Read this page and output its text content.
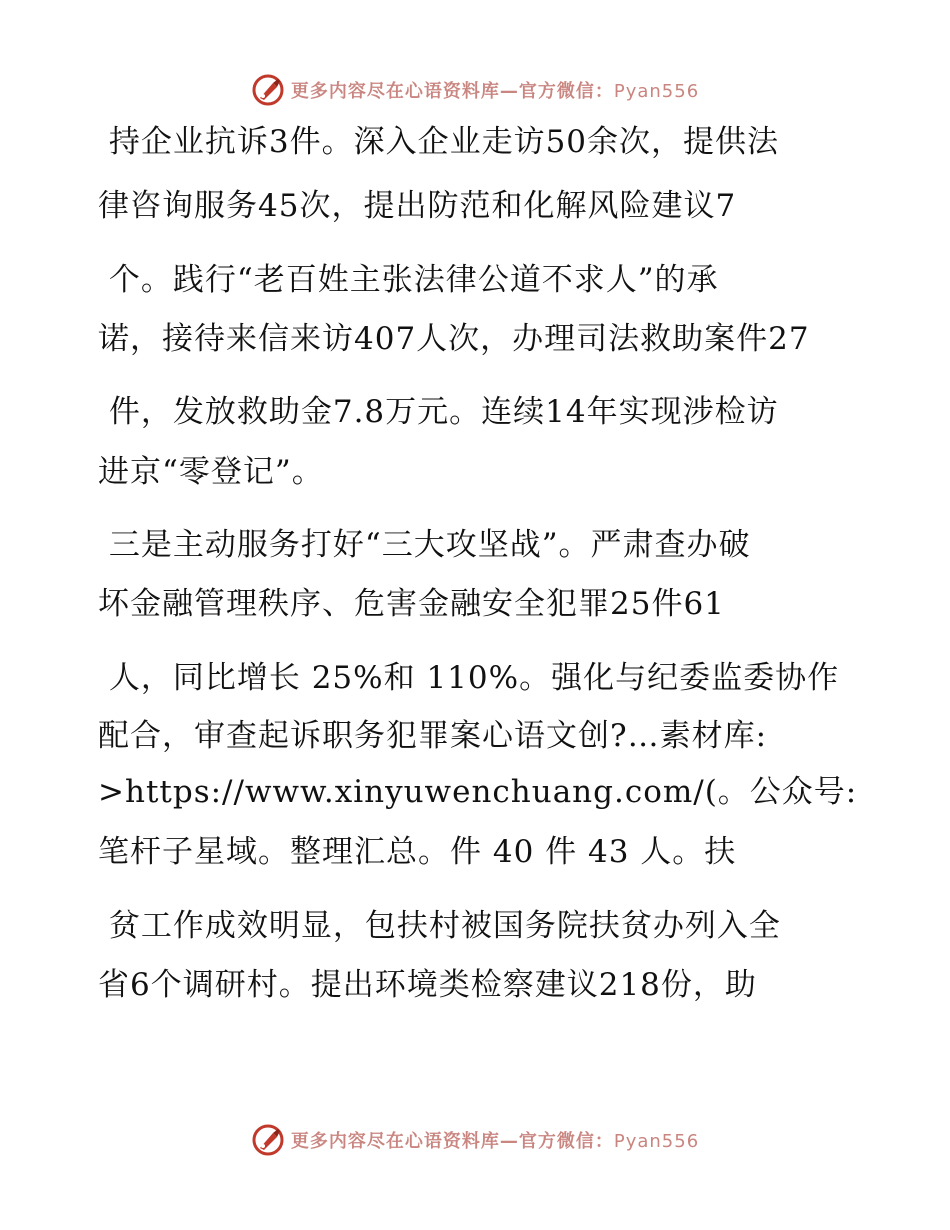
更多内容尽在心语资料库—官方微信：Pyan556
持企业抗诉3件。深入企业走访50余次，提供法
律咨询服务45次，提出防范和化解风险建议7
个。践行“老百姓主张法律公道不求人”的承
诺，接待来信来访407人次，办理司法救助案件27
件，发放救助金7.8万元。连续14年实现涉检访
进京“零登记”。
三是主动服务打好“三大攻坚战”。严肃查办破
坏金融管理秩序、危害金融安全犯罪25件61
人，同比增长 25%和 110%。强化与纪委监委协作
配合，审查起诉职务犯罪案心语文创?…素材库:
>https://www.xinyuwenchuang.com/(。公众号:
笔杆子星域。整理汇总。件 40 件 43 人。扶
贫工作成效明显，包扶村被国务院扶贫办列入全
省6个调研村。提出环境类检察建议218份，助
更多内容尽在心语资料库—官方微信：Pyan556
